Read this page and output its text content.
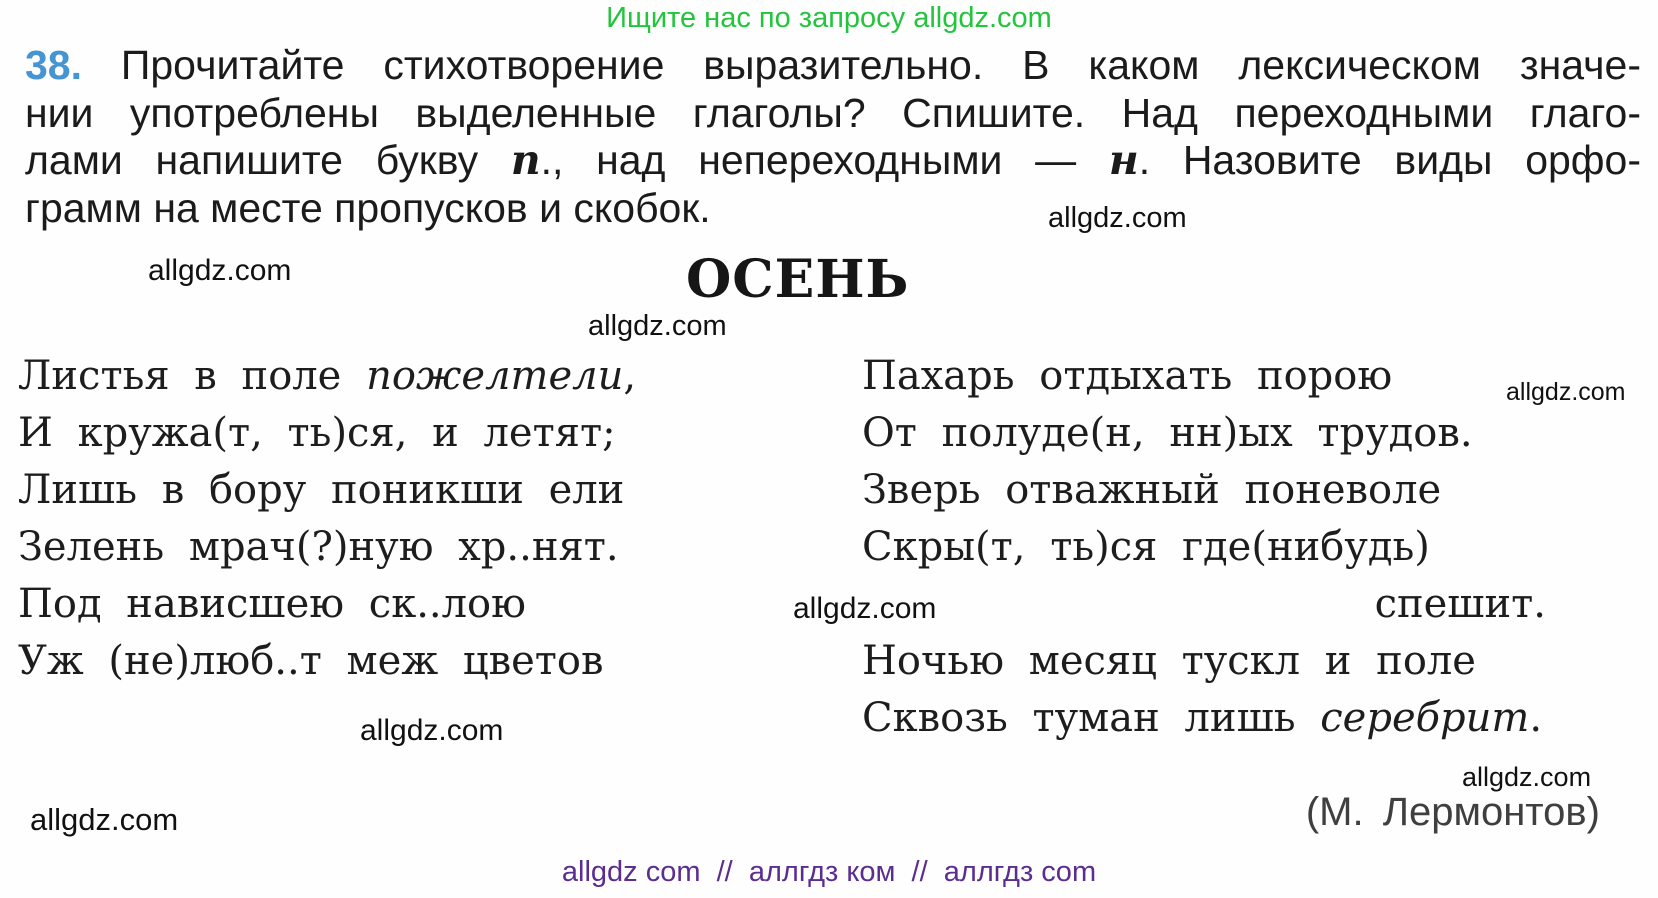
Ищите нас по запросу allgdz.com
38. Прочитайте стихотворение выразительно. В каком лексическом значе-
нии употреблены выделенные глаголы? Спишите. Над переходными глаго-
лами напишите букву п., над непереходными — н. Назовите виды орфо-
грамм на месте пропусков и скобок.	allgdz.com
allgdz.com	ОСЕНЬ
allgdz.com
Листья в поле пожелтели,
И кружа(т, ть)ся, и летят;
Лишь в бору поникши ели
Зелень мрач(?)ную хр..нят.
Под нависшею ск..лою
Уж (не)люб..т меж цветов
Пахарь отдыхать порою
От полуде(н, нн)ых трудов.
Зверь отважный поневоле
Скры(т, ть)ся где(нибудь)
спешит.
Ночью месяц тускл и поле
Сквозь туман лишь серебрит.
allgdz.com
allgdz.com
allgdz.com
allgdz.com
(М. Лермонтов)
allgdz.com
allgdz com  //  аллгдз ком  //  аллгдз com
